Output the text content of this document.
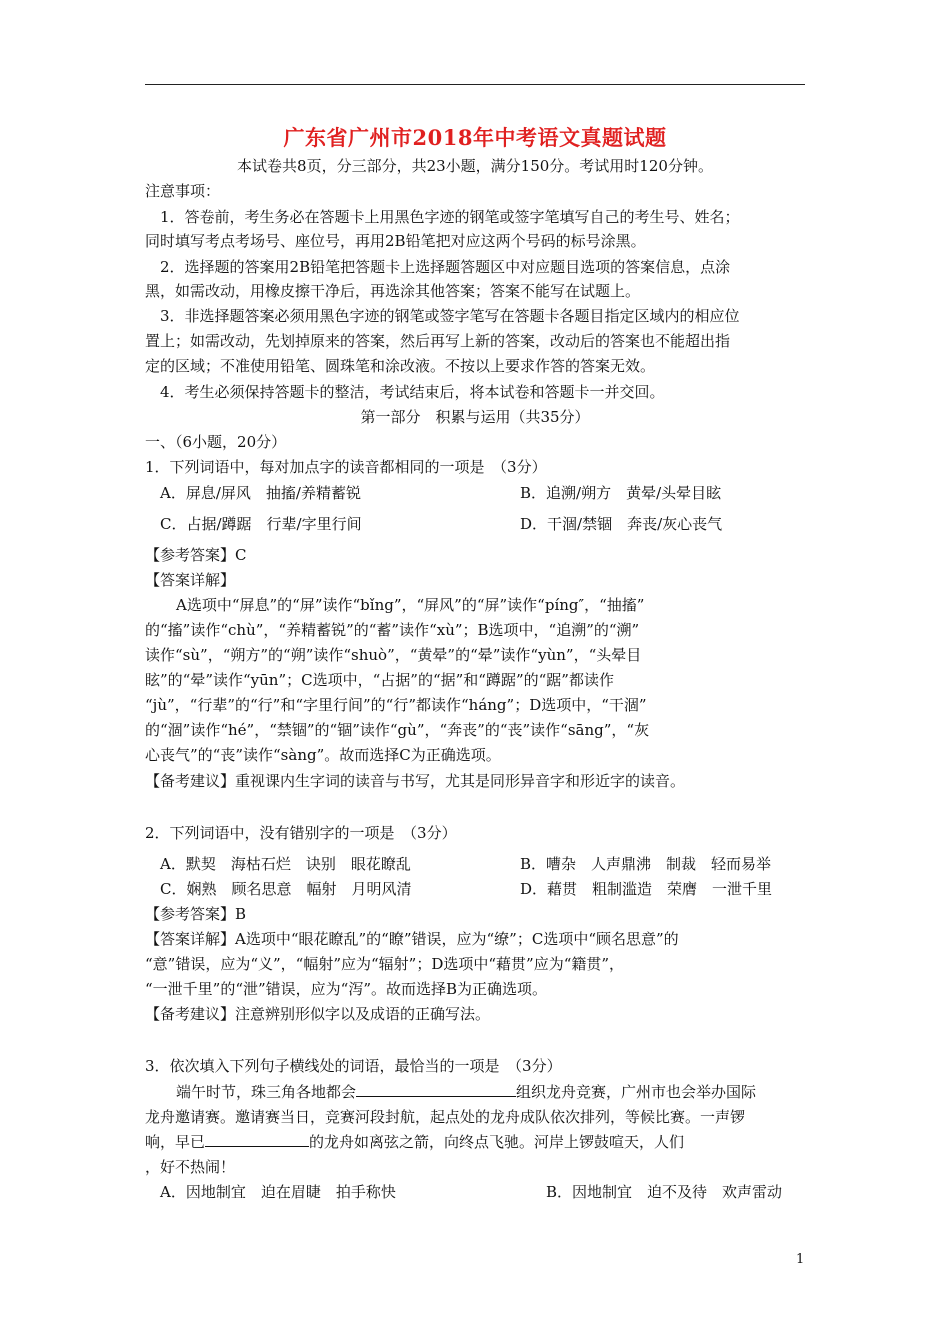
广东省广州市2018年中考语文真题试题
本试卷共8页，分三部分，共23小题，满分150分。考试用时120分钟。
注意事项：
1．答卷前，考生务必在答题卡上用黑色字迹的钢笔或签字笔填写自己的考生号、姓名；
同时填写考点考场号、座位号，再用2B铅笔把对应这两个号码的标号涂黑。
2．选择题的答案用2B铅笔把答题卡上选择题答题区中对应题目选项的答案信息，点涂
黑，如需改动，用橡皮擦干净后，再选涂其他答案；答案不能写在试题上。
3．非选择题答案必须用黑色字迹的钢笔或签字笔写在答题卡各题目指定区域内的相应位
置上；如需改动，先划掉原来的答案，然后再写上新的答案，改动后的答案也不能超出指
定的区域；不准使用铅笔、圆珠笔和涂改液。不按以上要求作答的答案无效。
4．考生必须保持答题卡的整洁，考试结束后，将本试卷和答题卡一并交回。
第一部分　积累与运用（共35分）
一、（6小题，20分）
1．下列词语中，每对加点字的读音都相同的一项是　（3分）
A．屏息/屏风　抽搐/养精蓄锐	B．追溯/朔方　黄晕/头晕目眩
C．占据/蹲踞　行辈/字里行间	D．干涸/禁锢　奔丧/灰心丧气
【参考答案】C
【答案详解】
A选项中“屏息”的“屏”读作“bǐng”，“屏风”的“屏”读作“píng″，“抽搐”
的“搐”读作“chù”，“养精蓄锐”的“蓄”读作“xù”；B选项中，“追溯”的“溯”
读作“sù”，“朔方”的“朔”读作“shuò”，“黄晕”的“晕”读作“yùn”，“头晕目
眩”的“晕”读作“yūn”；C选项中，“占据”的“据”和“蹲踞”的“踞”都读作
“jù”，“行辈”的“行”和“字里行间”的“行”都读作“háng”；D选项中，“干涸”
的“涸”读作“hé”，“禁锢”的“锢”读作“gù”，“奔丧”的“丧”读作“sāng”，“灰
心丧气”的“丧”读作“sàng”。故而选择C为正确选项。
【备考建议】重视课内生字词的读音与书写，尤其是同形异音字和形近字的读音。
2．下列词语中，没有错别字的一项是　（3分）
A．默契　海枯石烂　诀别　眼花瞭乱	B．嘈杂　人声鼎沸　制裁　轻而易举
C．娴熟　顾名思意　幅射　月明风清	D．藉贯　粗制滥造　荣膺　一泄千里
【参考答案】B
【答案详解】A选项中“眼花瞭乱”的“瞭”错误，应为“缭”；C选项中“顾名思意”的
“意”错误，应为“义”，“幅射”应为“辐射”；D选项中“藉贯”应为“籍贯”，
“一泄千里”的“泄”错误，应为“泻”。故而选择B为正确选项。
【备考建议】注意辨别形似字以及成语的正确写法。
3．依次填入下列句子横线处的词语，最恰当的一项是　（3分）
端午时节，珠三角各地都会	组织龙舟竞赛，广州市也会举办国际
龙舟邀请赛。邀请赛当日，竞赛河段封航，起点处的龙舟成队依次排列，等候比赛。一声锣
响，早已	的龙舟如离弦之箭，向终点飞驰。河岸上锣鼓喧天，人们
，好不热闹！
A．因地制宜　迫在眉睫　拍手称快	B．因地制宜　迫不及待　欢声雷动
1
